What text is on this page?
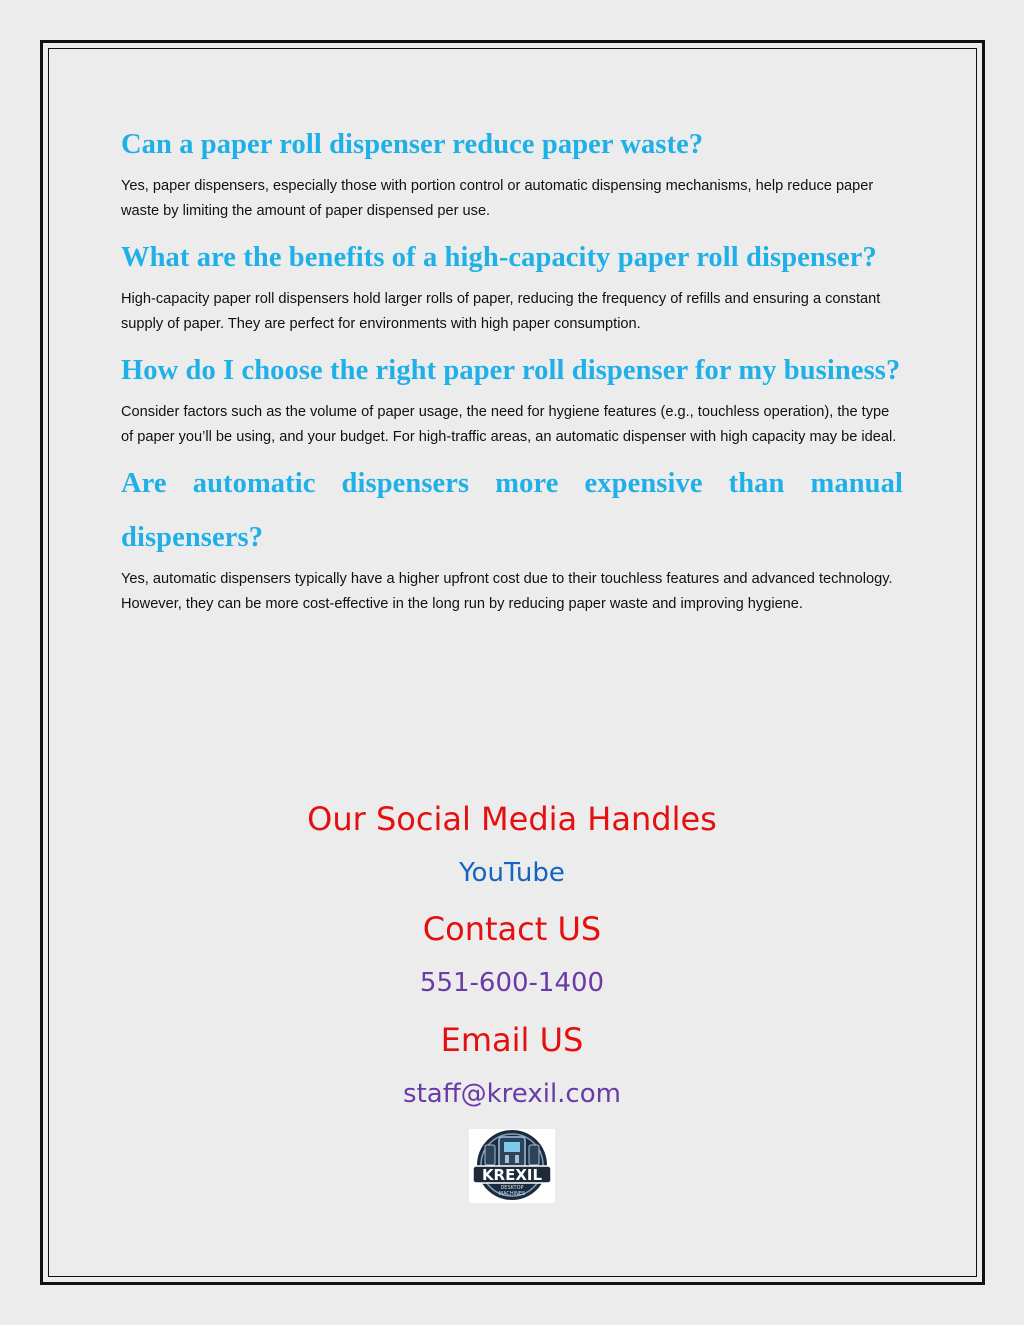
Can a paper roll dispenser reduce paper waste?

Yes, paper dispensers, especially those with portion control or automatic dispensing mechanisms, help reduce paper waste by limiting the amount of paper dispensed per use.

What are the benefits of a high-capacity paper roll dispenser?

High-capacity paper roll dispensers hold larger rolls of paper, reducing the frequency of refills and ensuring a constant supply of paper. They are perfect for environments with high paper consumption.

How do I choose the right paper roll dispenser for my business?

Consider factors such as the volume of paper usage, the need for hygiene features (e.g., touchless operation), the type of paper you’ll be using, and your budget. For high-traffic areas, an automatic dispenser with high capacity may be ideal.

Are automatic dispensers more expensive than manual dispensers?

Yes, automatic dispensers typically have a higher upfront cost due to their touchless features and advanced technology. However, they can be more cost-effective in the long run by reducing paper waste and improving hygiene.

Our Social Media Handles
YouTube
Contact US
551-600-1400
Email US
staff@krexil.com
KREXIL
DESKTOP
MACHINES
